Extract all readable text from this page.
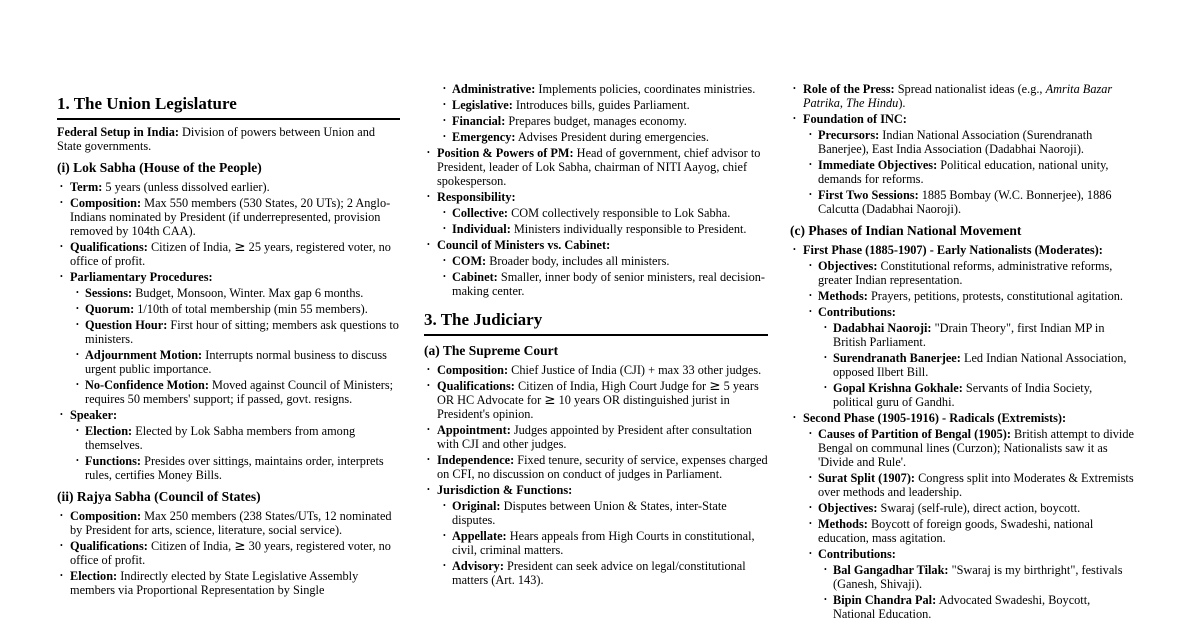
1. The Union Legislature
Federal Setup in India: Division of powers between Union and State governments.
(i) Lok Sabha (House of the People)
• Term: 5 years (unless dissolved earlier).
• Composition: Max 550 members (530 States, 20 UTs); 2 Anglo-Indians nominated by President (if underrepresented, provision removed by 104th CAA).
• Qualifications: Citizen of India, ≥ 25 years, registered voter, no office of profit.
• Parliamentary Procedures:
• Sessions: Budget, Monsoon, Winter. Max gap 6 months.
• Quorum: 1/10th of total membership (min 55 members).
• Question Hour: First hour of sitting; members ask questions to ministers.
• Adjournment Motion: Interrupts normal business to discuss urgent public importance.
• No-Confidence Motion: Moved against Council of Ministers; requires 50 members' support; if passed, govt. resigns.
• Speaker:
• Election: Elected by Lok Sabha members from among themselves.
• Functions: Presides over sittings, maintains order, interprets rules, certifies Money Bills.
(ii) Rajya Sabha (Council of States)
• Composition: Max 250 members (238 States/UTs, 12 nominated by President for arts, science, literature, social service).
• Qualifications: Citizen of India, ≥ 30 years, registered voter, no office of profit.
• Election: Indirectly elected by State Legislative Assembly members via Proportional Representation by Single
• Administrative: Implements policies, coordinates ministries.
• Legislative: Introduces bills, guides Parliament.
• Financial: Prepares budget, manages economy.
• Emergency: Advises President during emergencies.
• Position & Powers of PM: Head of government, chief advisor to President, leader of Lok Sabha, chairman of NITI Aayog, chief spokesperson.
• Responsibility:
• Collective: COM collectively responsible to Lok Sabha.
• Individual: Ministers individually responsible to President.
• Council of Ministers vs. Cabinet:
• COM: Broader body, includes all ministers.
• Cabinet: Smaller, inner body of senior ministers, real decision-making center.
3. The Judiciary
(a) The Supreme Court
• Composition: Chief Justice of India (CJI) + max 33 other judges.
• Qualifications: Citizen of India, High Court Judge for ≥ 5 years OR HC Advocate for ≥ 10 years OR distinguished jurist in President's opinion.
• Appointment: Judges appointed by President after consultation with CJI and other judges.
• Independence: Fixed tenure, security of service, expenses charged on CFI, no discussion on conduct of judges in Parliament.
• Jurisdiction & Functions:
• Original: Disputes between Union & States, inter-State disputes.
• Appellate: Hears appeals from High Courts in constitutional, civil, criminal matters.
• Advisory: President can seek advice on legal/constitutional matters (Art. 143).
• Role of the Press: Spread nationalist ideas (e.g., Amrita Bazar Patrika, The Hindu).
• Foundation of INC:
• Precursors: Indian National Association (Surendranath Banerjee), East India Association (Dadabhai Naoroji).
• Immediate Objectives: Political education, national unity, demands for reforms.
• First Two Sessions: 1885 Bombay (W.C. Bonnerjee), 1886 Calcutta (Dadabhai Naoroji).
(c) Phases of Indian National Movement
• First Phase (1885-1907) - Early Nationalists (Moderates):
• Objectives: Constitutional reforms, administrative reforms, greater Indian representation.
• Methods: Prayers, petitions, protests, constitutional agitation.
• Contributions:
• Dadabhai Naoroji: "Drain Theory", first Indian MP in British Parliament.
• Surendranath Banerjee: Led Indian National Association, opposed Ilbert Bill.
• Gopal Krishna Gokhale: Servants of India Society, political guru of Gandhi.
• Second Phase (1905-1916) - Radicals (Extremists):
• Causes of Partition of Bengal (1905): British attempt to divide Bengal on communal lines (Curzon); Nationalists saw it as 'Divide and Rule'.
• Surat Split (1907): Congress split into Moderates & Extremists over methods and leadership.
• Objectives: Swaraj (self-rule), direct action, boycott.
• Methods: Boycott of foreign goods, Swadeshi, national education, mass agitation.
• Contributions:
• Bal Gangadhar Tilak: "Swaraj is my birthright", festivals (Ganesh, Shivaji).
• Bipin Chandra Pal: Advocated Swadeshi, Boycott, National Education.
